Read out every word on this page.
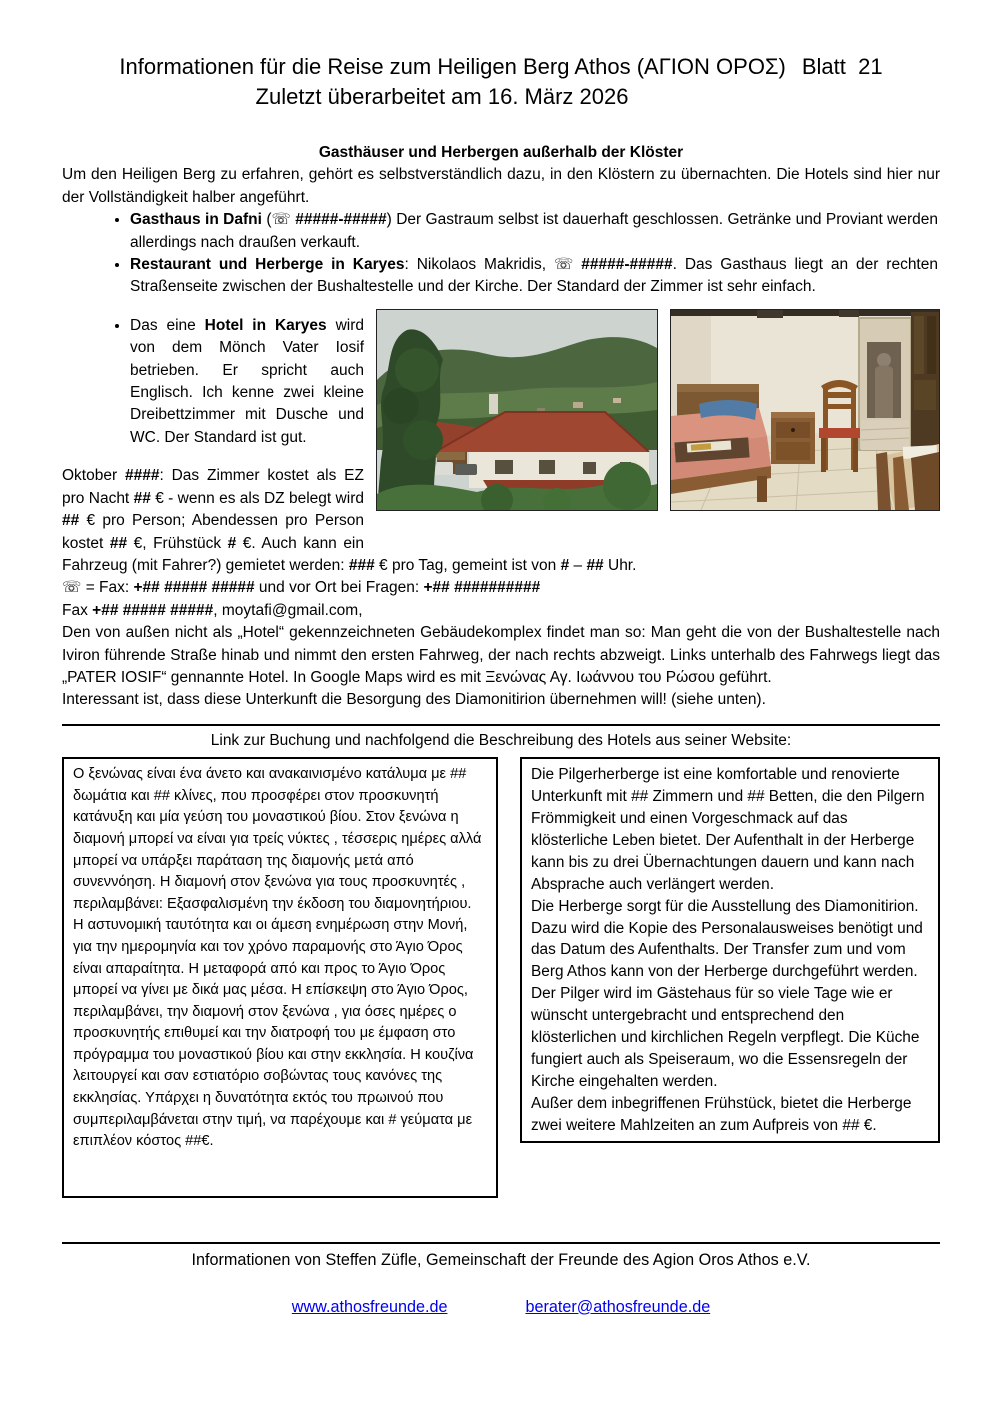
Informationen für die Reise zum Heiligen Berg Athos (ΑΓΙΟΝ ΟΡΟΣ) Blatt  21
Zuletzt überarbeitet am 16. März 2026
Gasthäuser und Herbergen außerhalb der Klöster

Um den Heiligen Berg zu erfahren, gehört es selbstverständlich dazu, in den Klöstern zu übernachten. Die Hotels sind hier nur der Vollständigkeit halber angeführt.

• Gasthaus in Dafni (☏ #####-#####) Der Gastraum selbst ist dauerhaft geschlossen. Getränke und Proviant werden allerdings nach draußen verkauft.
• Restaurant und Herberge in Karyes: Nikolaos Makridis, ☏ #####-#####. Das Gasthaus liegt an der rechten Straßenseite zwischen der Bushaltestelle und der Kirche. Der Standard der Zimmer ist sehr einfach.
• Das eine Hotel in Karyes wird von dem Mönch Vater Iosif betrieben. Er spricht auch Englisch. Ich kenne zwei kleine Dreibettzimmer mit Dusche und WC. Der Standard ist gut.

Oktober ####: Das Zimmer kostet als EZ pro Nacht ## € - wenn es als DZ belegt wird ## € pro Person; Abendessen pro Person kostet ## €, Frühstück # €. Auch kann ein Fahrzeug (mit Fahrer?) gemietet werden: ### € pro Tag, gemeint ist von # – ## Uhr.

☏ = Fax: +## ##### ##### und vor Ort bei Fragen: +## ##########

Fax +## ##### #####, moytafi@gmail.com,

Den von außen nicht als „Hotel“ gekennzeichneten Gebäudekomplex findet man so: Man geht die von der Bushaltestelle nach Iviron führende Straße hinab und nimmt den ersten Fahrweg, der nach rechts abzweigt. Links unterhalb des Fahrwegs liegt das „PATER IOSIF“ gennannte Hotel. In Google Maps wird es mit Ξενώνας Αγ. Ιωάννου του Ρώσου geführt.

Interessant ist, dass diese Unterkunft die Besorgung des Diamonitirion übernehmen will! (siehe unten).

Link zur Buchung und nachfolgend die Beschreibung des Hotels aus seiner Website:

Ο ξενώνας είναι ένα άνετο και ανακαινισμένο κατάλυμα με ## δωμάτια και ## κλίνες, που προσφέρει στον προσκυνητή κατάνυξη και μία γεύση του μοναστικού βίου. Στον ξενώνα η διαμονή μπορεί να είναι για τρείς νύκτες , τέσσερις ημέρες αλλά μπορεί να υπάρξει παράταση της διαμονής μετά από συνεννόηση. Η διαμονή στον ξενώνα για τους προσκυνητές , περιλαμβάνει: Εξασφαλισμένη την έκδοση του διαμονητήριου.

Η αστυνομική ταυτότητα και οι άμεση ενημέρωση στην Μονή, για την ημερομηνία και τον χρόνο παραμονής στο Άγιο Όρος είναι απαραίτητα. Η μεταφορά από και προς το Άγιο Όρος μπορεί να γίνει με δικά μας μέσα. Η επίσκεψη στο Άγιο Όρος, περιλαμβάνει, την διαμονή στον ξενώνα , για όσες ημέρες ο προσκυνητής επιθυμεί και την διατροφή του με έμφαση στο πρόγραμμα του μοναστικού βίου και στην εκκλησία. Η κουζίνα λειτουργεί και σαν εστιατόριο σοβώντας τους κανόνες της εκκλησίας. Υπάρχει η δυνατότητα εκτός του πρωινού που συμπεριλαμβάνεται στην τιμή, να παρέχουμε και # γεύματα με επιπλέον κόστος ##€.

Die Pilgerherberge ist eine komfortable und renovierte Unterkunft mit ## Zimmern und ## Betten, die den Pilgern Frömmigkeit und einen Vorgeschmack auf das klösterliche Leben bietet. Der Aufenthalt in der Herberge kann bis zu drei Übernachtungen dauern und kann nach Absprache auch verlängert werden.

Die Herberge sorgt für die Ausstellung des Diamonitirion. Dazu wird die Kopie des Personalausweises benötigt und das Datum des Aufenthalts. Der Transfer zum und vom Berg Athos kann von der Herberge durchgeführt werden. Der Pilger wird im Gästehaus für so viele Tage wie er wünscht untergebracht und entsprechend den klösterlichen und kirchlichen Regeln verpflegt. Die Küche fungiert auch als Speiseraum, wo die Essensregeln der Kirche eingehalten werden.

Außer dem inbegriffenen Frühstück, bietet die Herberge zwei weitere Mahlzeiten an zum Aufpreis von ## €.

Informationen von Steffen Züfle, Gemeinschaft der Freunde des Agion Oros Athos e.V.
www.athosfreunde.de	berater@athosfreunde.de
